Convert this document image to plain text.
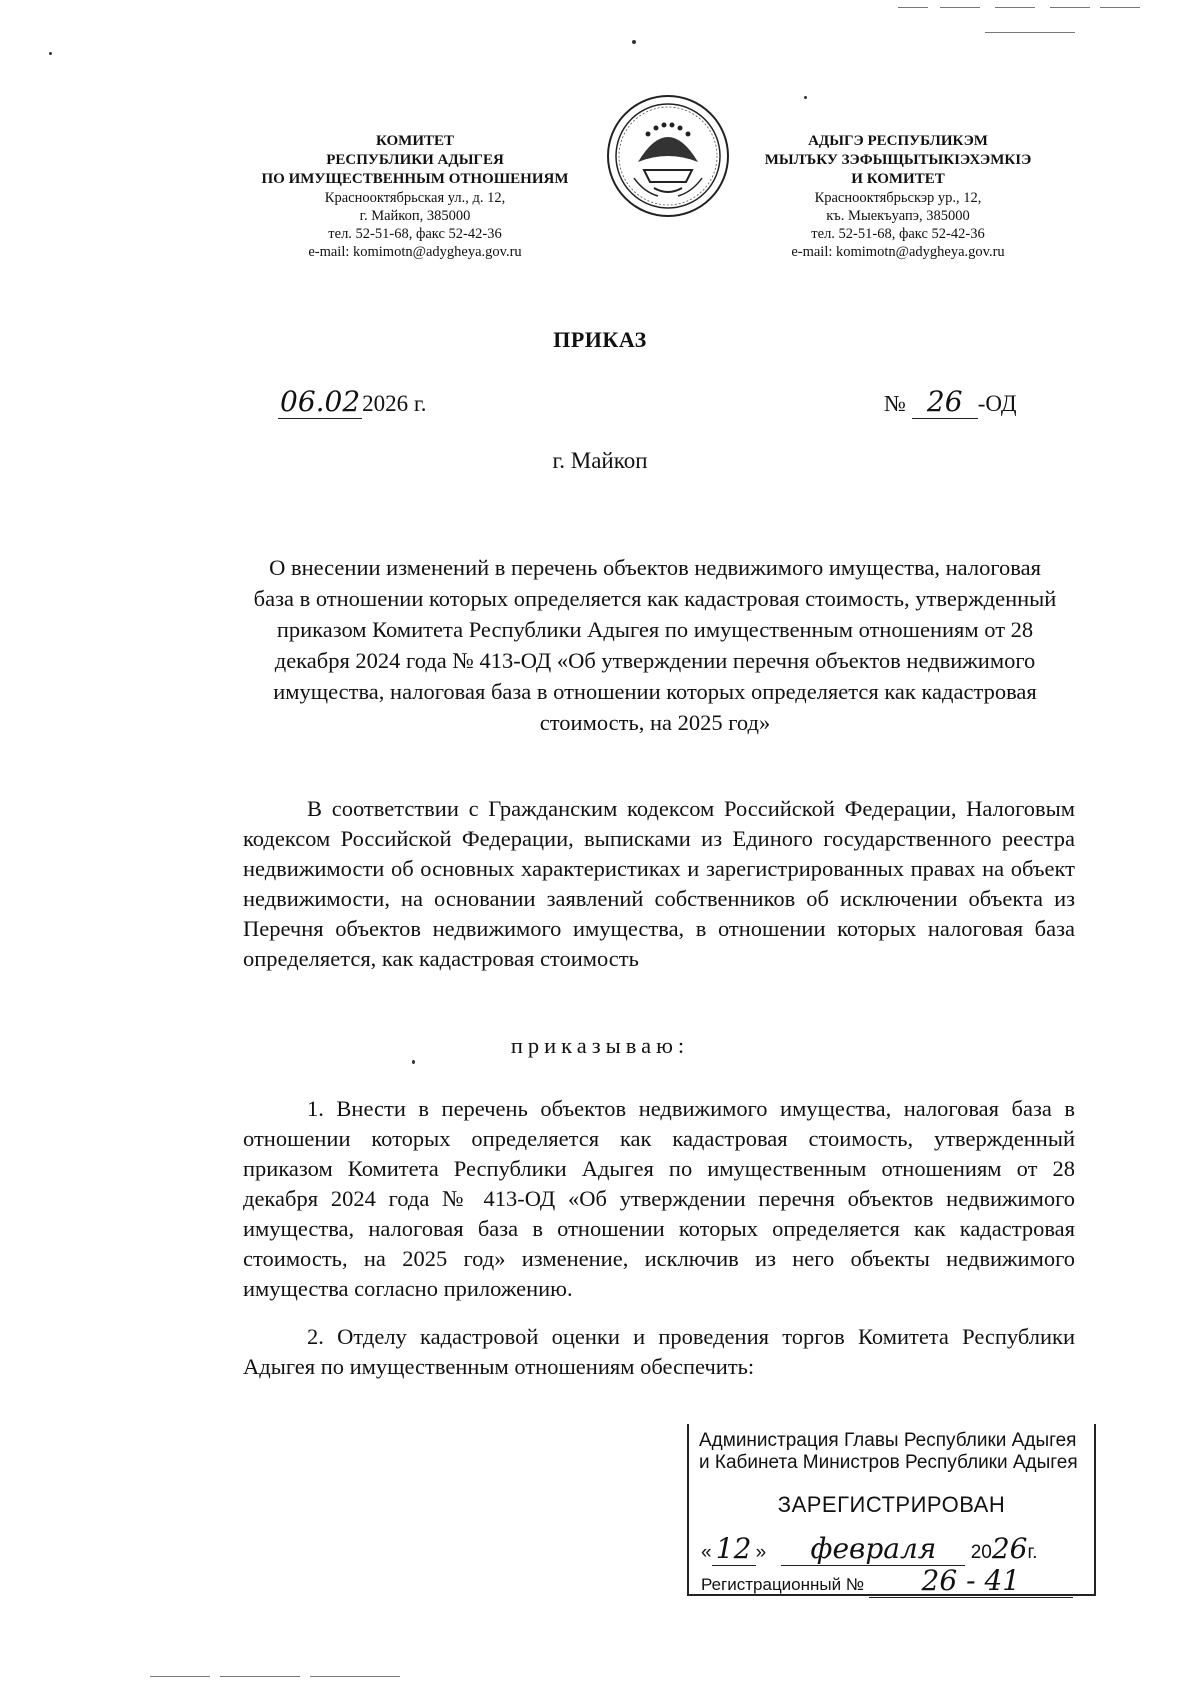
КОМИТЕТ
РЕСПУБЛИКИ АДЫГЕЯ
ПО ИМУЩЕСТВЕННЫМ ОТНОШЕНИЯМ
Красноoктябрьская ул., д. 12,
г. Майкоп, 385000
тел. 52-51-68, факс 52-42-36
e-mail: komimotn@adygheya.gov.ru
АДЫГЭ РЕСПУБЛИКЭМ
МЫЛЪКУ ЗЭФЫЩЫТЫКIЭХЭМКIЭ
И КОМИТЕТ
Красноoктябрьскэр ур., 12,
къ. Мыекъуапэ, 385000
тел. 52-51-68, факс 52-42-36
e-mail: komimotn@adygheya.gov.ru
ПРИКАЗ
06.022026 г.	№ 26 -ОД
г. Майкоп
О внесении изменений в перечень объектов недвижимого имущества, налоговая база в отношении которых определяется как кадастровая стоимость, утвержденный приказом Комитета Республики Адыгея по имущественным отношениям от 28 декабря 2024 года № 413-ОД «Об утверждении перечня объектов недвижимого имущества, налоговая база в отношении которых определяется как кадастровая стоимость, на 2025 год»
В соответствии с Гражданским кодексом Российской Федерации, Налоговым кодексом Российской Федерации, выписками из Единого государственного реестра недвижимости об основных характеристиках и зарегистрированных правах на объект недвижимости, на основании заявлений собственников об исключении объекта из Перечня объектов недвижимого имущества, в отношении которых налоговая база определяется, как кадастровая стоимость
приказываю:
1. Внести в перечень объектов недвижимого имущества, налоговая база в отношении которых определяется как кадастровая стоимость, утвержденный приказом Комитета Республики Адыгея по имущественным отношениям от 28 декабря 2024 года № 413-ОД «Об утверждении перечня объектов недвижимого имущества, налоговая база в отношении которых определяется как кадастровая стоимость, на 2025 год» изменение, исключив из него объекты недвижимого имущества согласно приложению.
2. Отделу кадастровой оценки и проведения торгов Комитета Республики Адыгея по имущественным отношениям обеспечить:
Администрация Главы Республики Адыгея
и Кабинета Министров Республики Адыгея
ЗАРЕГИСТРИРОВАН
« 12 » февраля 2026г.
Регистрационный № 26 - 41
